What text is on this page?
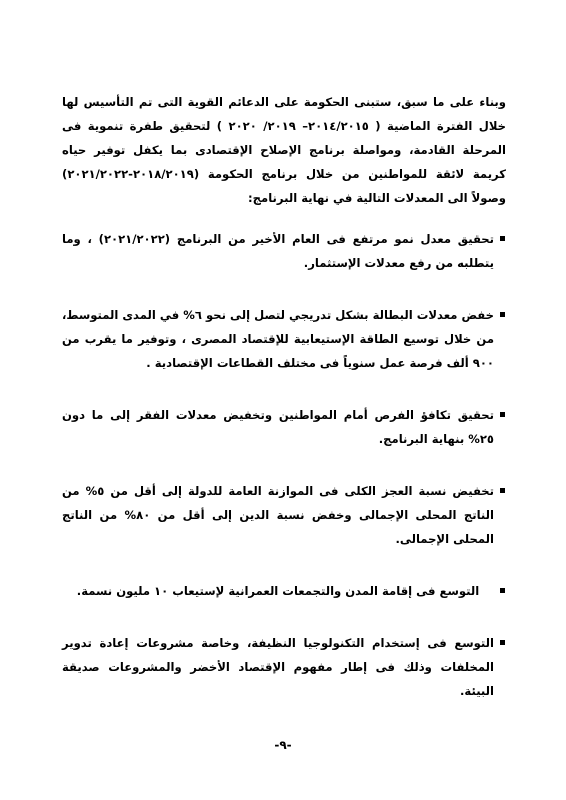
وبناء على ما سبق، ستبنى الحكومة على الدعائم القوية التى تم التأسيس لها خلال الفترة الماضية ( ٢٠١٤/٢٠١٥– ٢٠١٩/ ٢٠٢٠ ) لتحقيق طفرة تنموية فى المرحلة القادمة، ومواصلة برنامج الإصلاح الإقتصادى بما يكفل توفير حياه كريمة لائقة للمواطنين من خلال برنامج الحكومة (٢٠١٨/٢٠١٩-٢٠٢١/٢٠٢٢) وصولاً الى المعدلات التالية في نهاية البرنامج:

تحقيق معدل نمو مرتفع فى العام الأخير من البرنامج (٢٠٢١/٢٠٢٢) ، وما يتطلبه من رفع معدلات الإستثمار.
خفض معدلات البطالة بشكل تدريجي لتصل إلى نحو ٦% في المدى المتوسط، من خلال توسيع الطاقة الإستيعابية للإقتصاد المصرى ، وتوفير ما يقرب من ٩٠٠ ألف فرصة عمل سنوياً فى مختلف القطاعات الإقتصادية .
تحقيق تكافؤ الفرص أمام المواطنين وتخفيض معدلات الفقر إلى ما دون ٢٥% بنهاية البرنامج.
تخفيض نسبة العجز الكلى فى الموازنة العامة للدولة إلى أقل من ٥% من الناتج المحلى الإجمالى وخفض نسبة الدين إلى أقل من ٨٠% من الناتج المحلى الإجمالى.
التوسع فى إقامة المدن والتجمعات العمرانية لإستيعاب ١٠ مليون نسمة.
التوسع فى إستخدام التكنولوجيا النظيفة، وخاصة مشروعات إعادة تدوير المخلفات وذلك فى إطار مفهوم الإقتصاد الأخضر والمشروعات صديقة البيئة.
-٩-
